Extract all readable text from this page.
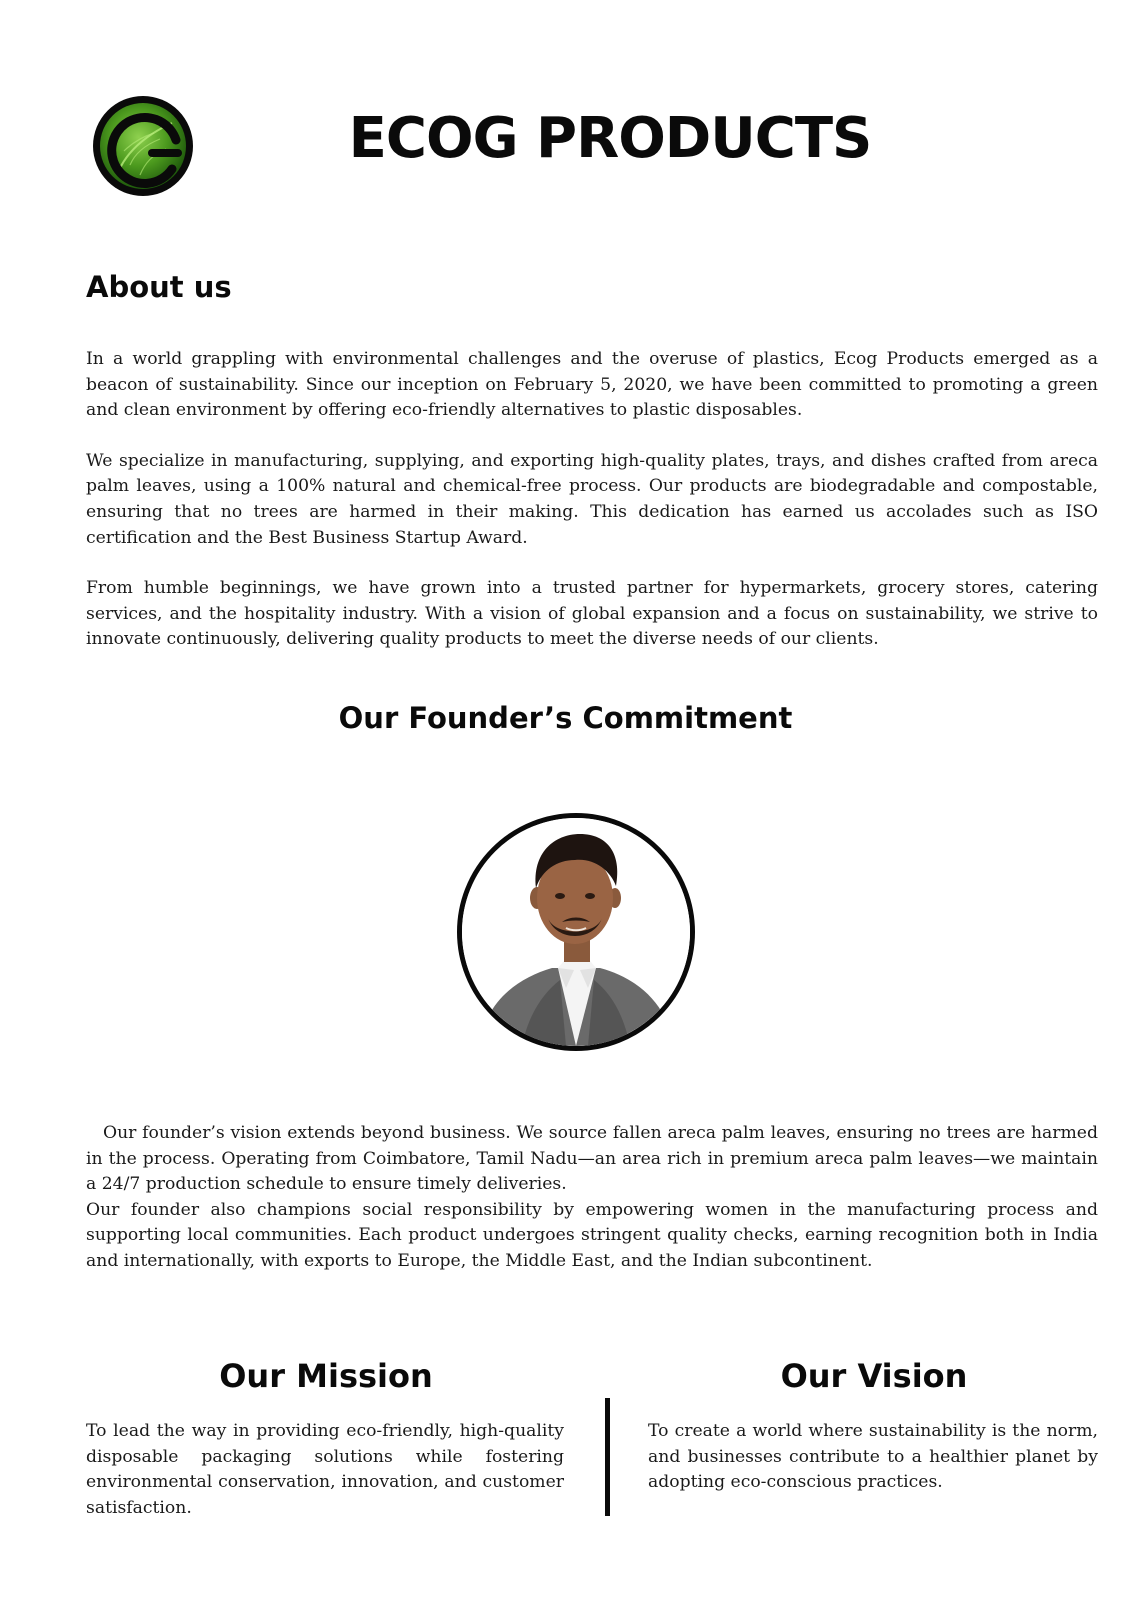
ECOG PRODUCTS
About us

In a world grappling with environmental challenges and the overuse of plastics, Ecog Products emerged as a beacon of sustainability. Since our inception on February 5, 2020, we have been committed to promoting a green and clean environment by offering eco-friendly alternatives to plastic disposables.

We specialize in manufacturing, supplying, and exporting high-quality plates, trays, and dishes crafted from areca palm leaves, using a 100% natural and chemical-free process. Our products are biodegradable and compostable, ensuring that no trees are harmed in their making. This dedication has earned us accolades such as ISO certification and the Best Business Startup Award.

From humble beginnings, we have grown into a trusted partner for hypermarkets, grocery stores, catering services, and the hospitality industry. With a vision of global expansion and a focus on sustainability, we strive to innovate continuously, delivering quality products to meet the diverse needs of our clients.

Our Founder’s Commitment

Our founder’s vision extends beyond business. We source fallen areca palm leaves, ensuring no trees are harmed in the process. Operating from Coimbatore, Tamil Nadu—an area rich in premium areca palm leaves—we maintain a 24/7 production schedule to ensure timely deliveries.

Our founder also champions social responsibility by empowering women in the manufacturing process and supporting local communities. Each product undergoes stringent quality checks, earning recognition both in India and internationally, with exports to Europe, the Middle East, and the Indian subcontinent.

Our Mission	Our Vision

To lead the way in providing eco-friendly, high-quality disposable packaging solutions while fostering environmental conservation, innovation, and customer satisfaction.

To create a world where sustainability is the norm, and businesses contribute to a healthier planet by adopting eco-conscious practices.
